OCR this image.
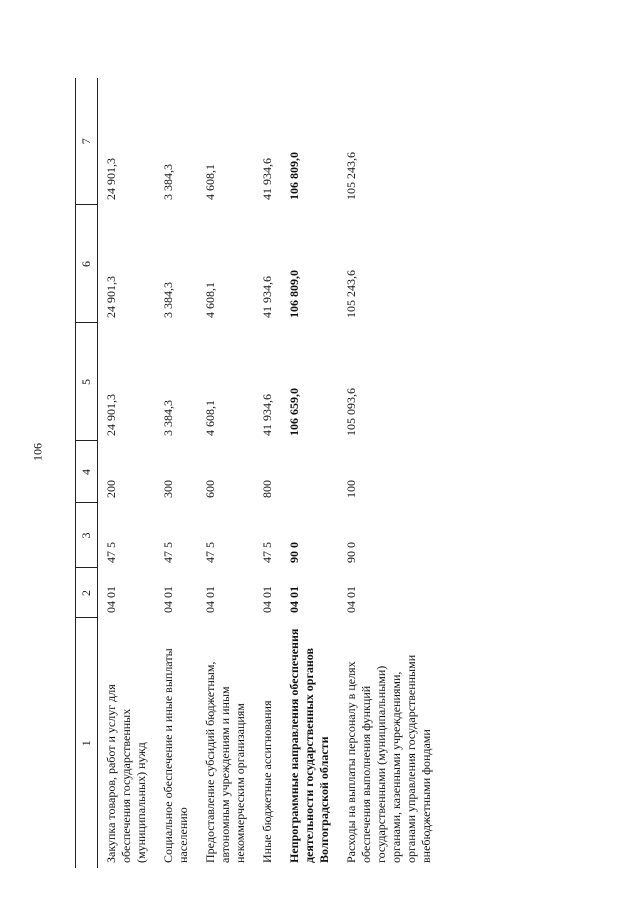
106
1	2	3	4	5	6	7
Закупка товаров, работ и услуг для обеспечения государственных (муниципальных) нужд	04 01	47 5	200	24 901,3	24 901,3	24 901,3
Социальное обеспечение и иные выплаты населению	04 01	47 5	300	3 384,3	3 384,3	3 384,3
Предоставление субсидий бюджетным, автономным учреждениям и иным некоммерческим организациям	04 01	47 5	600	4 608,1	4 608,1	4 608,1
Иные бюджетные ассигнования	04 01	47 5	800	41 934,6	41 934,6	41 934,6
Непрограммные направления обеспечения деятельности государственных органов Волгоградской области	04 01	90 0		106 659,0	106 809,0	106 809,0
Расходы на выплаты персоналу в целях обеспечения выполнения функций государственными (муниципальными) органами, казенными учреждениями, органами управления государственными внебюджетными фондами	04 01	90 0	100	105 093,6	105 243,6	105 243,6
